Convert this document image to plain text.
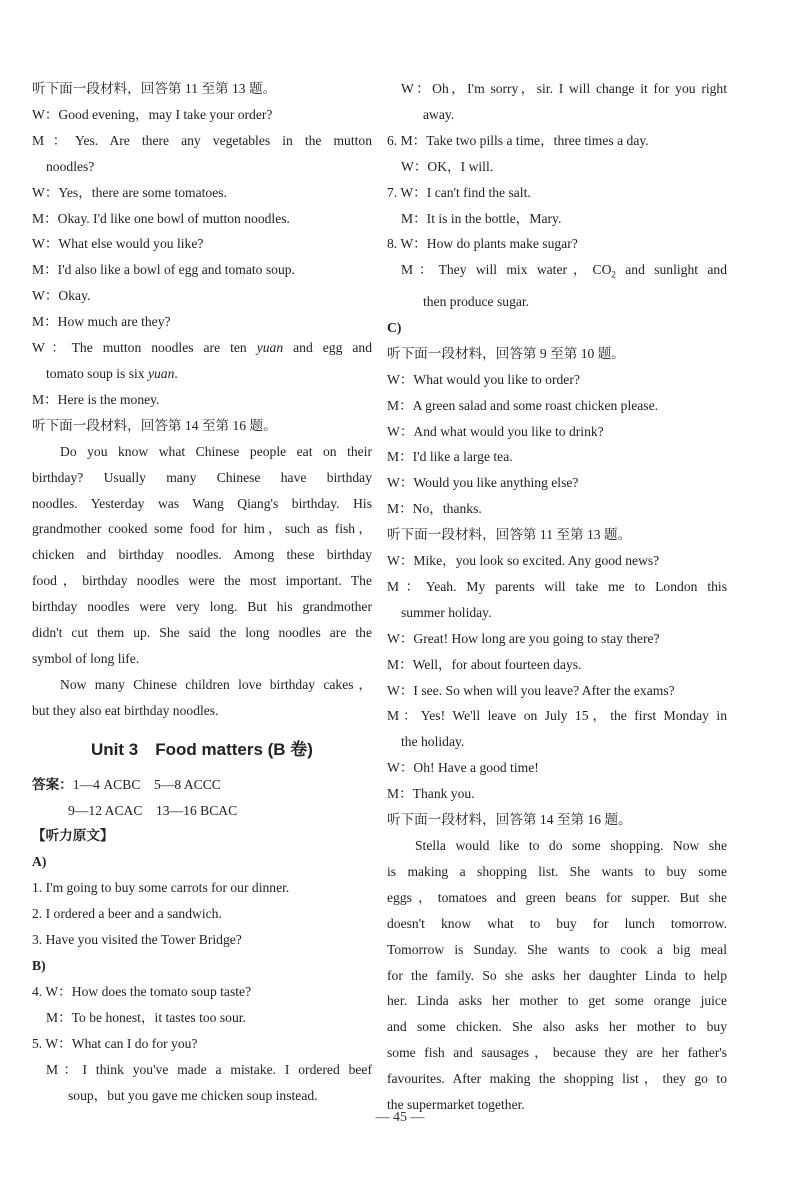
听下面一段材料，回答第 11 至第 13 题。
W：Good evening，may I take your order?
M：Yes. Are there any vegetables in the mutton
noodles?
W：Yes，there are some tomatoes.
M：Okay. I'd like one bowl of mutton noodles.
W：What else would you like?
M：I'd also like a bowl of egg and tomato soup.
W：Okay.
M：How much are they?
W：The mutton noodles are ten yuan and egg and
tomato soup is six yuan.
M：Here is the money.
听下面一段材料，回答第 14 至第 16 题。
Do you know what Chinese people eat on their
birthday? Usually many Chinese have birthday
noodles. Yesterday was Wang Qiang's birthday. His
grandmother cooked some food for him，such as fish，
chicken and birthday noodles. Among these birthday
food，birthday noodles were the most important. The
birthday noodles were very long. But his grandmother
didn't cut them up. She said the long noodles are the
symbol of long life.
Now many Chinese children love birthday cakes，
but they also eat birthday noodles.
Unit 3　Food matters (B 卷)
答案：1—4 ACBC　5—8 ACCC
9—12 ACAC　13—16 BCAC
【听力原文】
A)
1. I'm going to buy some carrots for our dinner.
2. I ordered a beer and a sandwich.
3. Have you visited the Tower Bridge?
B)
4. W：How does the tomato soup taste?
M：To be honest，it tastes too sour.
5. W：What can I do for you?
M：I think you've made a mistake. I ordered beef
soup，but you gave me chicken soup instead.
W：Oh，I'm sorry，sir. I will change it for you right
away.
6. M：Take two pills a time，three times a day.
W：OK，I will.
7. W：I can't find the salt.
M：It is in the bottle，Mary.
8. W：How do plants make sugar?
M：They will mix water，$CO_2$ and sunlight and
then produce sugar.
C)
听下面一段材料，回答第 9 至第 10 题。
W：What would you like to order?
M：A green salad and some roast chicken please.
W：And what would you like to drink?
M：I'd like a large tea.
W：Would you like anything else?
M：No，thanks.
听下面一段材料，回答第 11 至第 13 题。
W：Mike，you look so excited. Any good news?
M：Yeah. My parents will take me to London this
summer holiday.
W：Great! How long are you going to stay there?
M：Well，for about fourteen days.
W：I see. So when will you leave? After the exams?
M：Yes! We'll leave on July 15，the first Monday in
the holiday.
W：Oh! Have a good time!
M：Thank you.
听下面一段材料，回答第 14 至第 16 题。
Stella would like to do some shopping. Now she
is making a shopping list. She wants to buy some
eggs，tomatoes and green beans for supper. But she
doesn't know what to buy for lunch tomorrow.
Tomorrow is Sunday. She wants to cook a big meal
for the family. So she asks her daughter Linda to help
her. Linda asks her mother to get some orange juice
and some chicken. She also asks her mother to buy
some fish and sausages，because they are her father's
favourites. After making the shopping list，they go to
the supermarket together.
— 45 —
